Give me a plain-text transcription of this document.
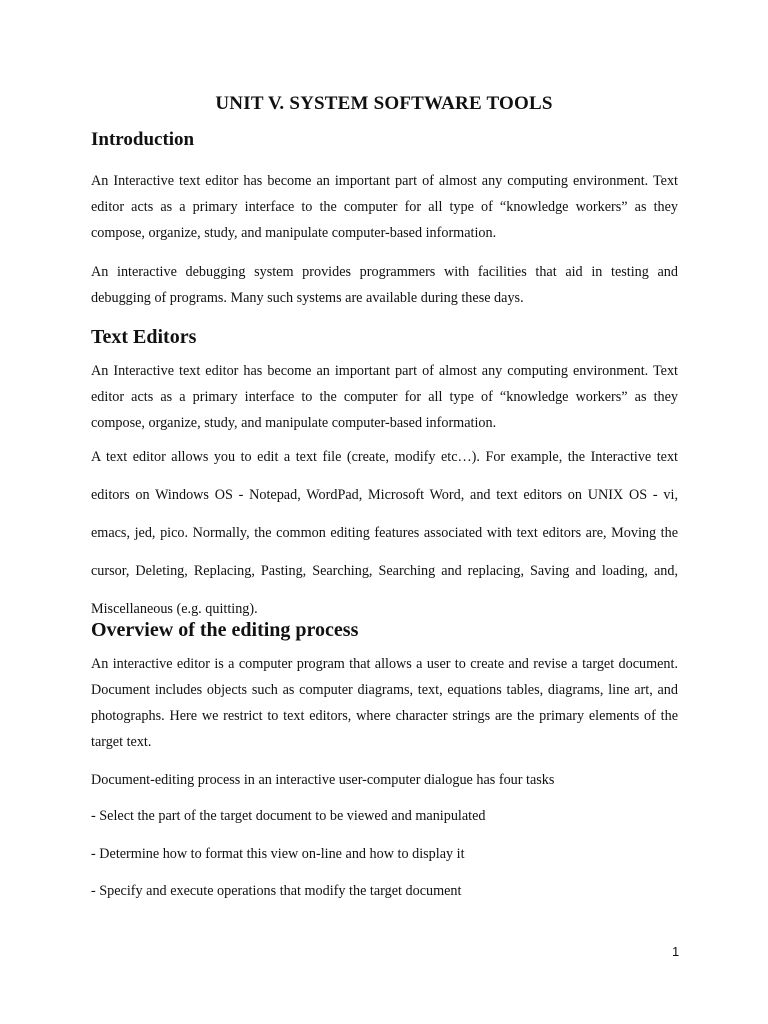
UNIT V. SYSTEM SOFTWARE TOOLS
Introduction

An Interactive text editor has become an important part of almost any computing environment. Text editor acts as a primary interface to the computer for all type of “knowledge workers” as they compose, organize, study, and manipulate computer-based information.

An interactive debugging system provides programmers with facilities that aid in testing and debugging of programs. Many such systems are available during these days.

Text Editors

An Interactive text editor has become an important part of almost any computing environment. Text editor acts as a primary interface to the computer for all type of “knowledge workers” as they compose, organize, study, and manipulate computer-based information.

A text editor allows you to edit a text file (create, modify etc…). For example, the Interactive text editors on Windows OS - Notepad, WordPad, Microsoft Word, and text editors on UNIX OS - vi, emacs, jed, pico. Normally, the common editing features associated with text editors are, Moving the cursor, Deleting, Replacing, Pasting, Searching, Searching and replacing, Saving and loading, and, Miscellaneous (e.g. quitting).

Overview of the editing process

An interactive editor is a computer program that allows a user to create and revise a target document. Document includes objects such as computer diagrams, text, equations tables, diagrams, line art, and photographs. Here we restrict to text editors, where character strings are the primary elements of the target text.

Document-editing process in an interactive user-computer dialogue has four tasks
- Select the part of the target document to be viewed and manipulated
- Determine how to format this view on-line and how to display it
- Specify and execute operations that modify the target document
1
